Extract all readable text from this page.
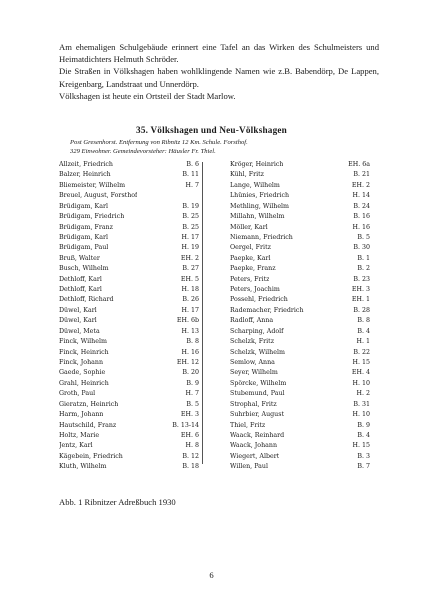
Am ehemaligen Schulgebäude erinnert eine Tafel an das Wirken des Schulmeisters und Heimatdichters Helmuth Schröder.

Die Straßen in Völkshagen haben wohlklingende Namen wie z.B. Babendörp, De Lappen, Kreigenbarg, Landstraat und Unnerdörp.

Völkshagen ist heute ein Ortsteil der Stadt Marlow.

35. Völkshagen und Neu-Völkshagen
Post Gresenhorst. Entfernung von Ribnitz 12 Km. Schule. Forsthof.
329 Einwohner. Gemeindevorsteher: Häusler Fr. Thiel.
Allzeit, Friedrich	B. 6
Balzer, Heinrich	B. 11
Bliemeister, Wilhelm	H. 7
Breuel, August, Forsthof
Brüdigam, Karl	B. 19
Brüdigam, Friedrich	B. 25
Brüdigam, Franz	B. 25
Brüdigam, Karl	H. 17
Brüdigam, Paul	H. 19
Bruß, Walter	EH. 2
Busch, Wilhelm	B. 27
Dethloff, Karl	EH. 5
Dethloff, Karl	H. 18
Dethloff, Richard	B. 26
Düwel, Karl	H. 17
Düwel, Karl	EH. 6b
Düwel, Meta	H. 13
Finck, Wilhelm	B. 8
Finck, Heinrich	H. 16
Finck, Johann	EH. 12
Gaede, Sophie	B. 20
Grahl, Heinrich	B. 9
Groth, Paul	H. 7
Gieratzn, Heinrich	B. 5
Harm, Johann	EH. 3
Hautschild, Franz	B. 13-14
Holtz, Marie	EH. 6
Jentz, Karl	H. 8
Kägebein, Friedrich	B. 12
Kluth, Wilhelm	B. 18
Kröger, Heinrich	EH. 6a
Kühl, Fritz	B. 21
Lange, Wilhelm	EH. 2
Lhünies, Friedrich	H. 14
Methling, Wilhelm	B. 24
Millahn, Wilhelm	B. 16
Möller, Karl	H. 16
Niemann, Friedrich	B. 5
Oergel, Fritz	B. 30
Paepke, Karl	B. 1
Paepke, Franz	B. 2
Peters, Fritz	B. 23
Peters, Joachim	EH. 3
Possehl, Friedrich	EH. 1
Rademacher, Friedrich	B. 28
Radloff, Anna	B. 8
Scharping, Adolf	B. 4
Schelzk, Fritz	H. 1
Schelzk, Wilhelm	B. 22
Semlow, Anna	H. 15
Seyer, Wilhelm	EH. 4
Spörcke, Wilhelm	H. 10
Stubemund, Paul	H. 2
Strophal, Fritz	B. 31
Suhrbier, August	H. 10
Thiel, Fritz	B. 9
Waack, Reinhard	B. 4
Waack, Johann	H. 15
Wiegert, Albert	B. 3
Willen, Paul	B. 7
Abb. 1 Ribnitzer Adreßbuch 1930
6
